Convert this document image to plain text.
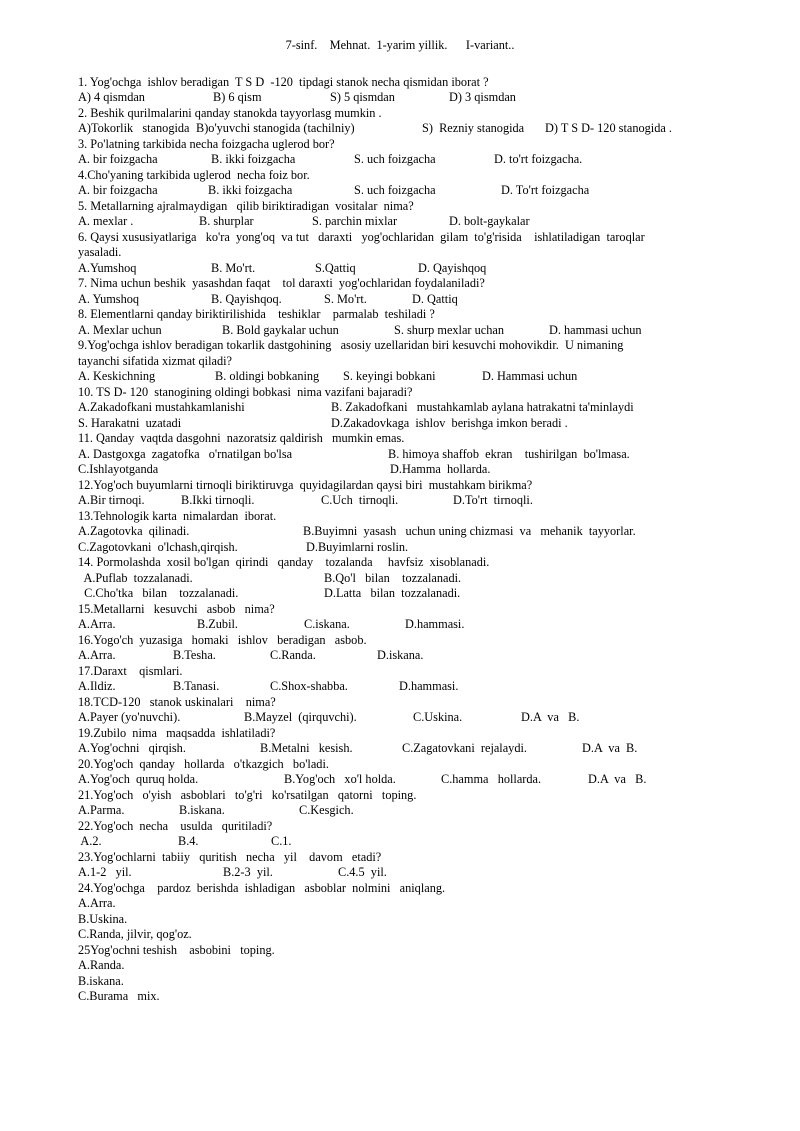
7-sinf.    Mehnat.  1-yarim yillik.      I-variant..
1. Yog'ochga  ishlov beradigan  T S D  -120  tipdagi stanok necha qismidan iborat ?
A) 4 qismdan	B) 6 qism	S) 5 qismdan	D) 3 qismdan
2. Beshik qurilmalarini qanday stanokda tayyorlasg mumkin .
A)Tokorlik   stanogida B)o'yuvchi stanogida (tachilniy)	S)  Rezniy stanogida D) T S D- 120 stanogida .
3. Po'latning tarkibida necha foizgacha uglerod bor?
A. bir foizgacha	B. ikki foizgacha	S. uch foizgacha	D. to'rt foizgacha.
4.Cho'yaning tarkibida uglerod  necha foiz bor.
A. bir foizgacha	B. ikki foizgacha	S. uch foizgacha	D. To'rt foizgacha
5. Metallarning ajralmaydigan   qilib biriktiradigan  vositalar  nima?
A. mexlar .	B. shurplar	S. parchin mixlar	D. bolt-gaykalar
6. Qaysi xususiyatlariga   ko'ra  yong'oq  va tut   daraxti   yog'ochlaridan  gilam  to'g'risida    ishlatiladigan  taroqlar
yasaladi.
A.Yumshoq	B. Mo'rt.	S.Qattiq	D. Qayishqoq
7. Nima uchun beshik  yasashdan faqat    tol daraxti  yog'ochlaridan foydalaniladi?
A. Yumshoq	B. Qayishqoq.	S. Mo'rt.	D. Qattiq
8. Elementlarni qanday biriktirilishida    teshiklar    parmalab  teshiladi ?
A. Mexlar uchun	B. Bold gaykalar uchun	S. shurp mexlar uchan	D. hammasi uchun
9.Yog'ochga ishlov beradigan tokarlik dastgohining   asosiy uzellaridan biri kesuvchi mohovikdir.  U nimaning
tayanchi sifatida xizmat qiladi?
A. Keskichning	B. oldingi bobkaning S. keyingi bobkani	D. Hammasi uchun
10. TS D- 120  stanogining oldingi bobkasi  nima vazifani bajaradi?
A.Zakadofkani mustahkamlanishi	B. Zakadofkani   mustahkamlab aylana hatrakatni ta'minlaydi
S. Harakatni  uzatadi	D.Zakadovkaga  ishlov  berishga imkon beradi .
11. Qanday  vaqtda dasgohni  nazoratsiz qaldirish   mumkin emas.
A. Dastgoxga  zagatofka   o'rnatilgan bo'lsa	B. himoya shaffob  ekran    tushirilgan  bo'lmasa.
C.Ishlayotganda	D.Hamma  hollarda.
12.Yog'och buyumlarni tirnoqli biriktiruvga  quyidagilardan qaysi biri  mustahkam birikma?
A.Bir tirnoqi.	B.Ikki tirnoqli.	C.Uch  tirnoqli.	D.To'rt  tirnoqli.
13.Tehnologik karta  nimalardan  iborat.
A.Zagotovka  qilinadi.	B.Buyimni  yasash   uchun uning chizmasi  va   mehanik  tayyorlar.
C.Zagotovkani  o'lchash,qirqish.	D.Buyimlarni roslin.
14. Pormolashda  xosil bo'lgan  qirindi   qanday    tozalanda     havfsiz  xisoblanadi.
A.Puflab  tozzalanadi.	B.Qo'l   bilan    tozzalanadi.
C.Cho'tka   bilan    tozzalanadi.	D.Latta   bilan  tozzalanadi.
15.Metallarni   kesuvchi   asbob   nima?
A.Arra.	B.Zubil.	C.iskana.	D.hammasi.
16.Yogo'ch  yuzasiga   homaki   ishlov   beradigan   asbob.
A.Arra.	B.Tesha.	C.Randa.	D.iskana.
17.Daraxt    qismlari.
A.Ildiz.	B.Tanasi.	C.Shox-shabba.	D.hammasi.
18.TCD-120   stanok uskinalari    nima?
A.Payer (yo'nuvchi).	B.Mayzel  (qirquvchi).	C.Uskina.	D.A  va   B.
19.Zubilo  nima   maqsadda  ishlatiladi?
A.Yog'ochni   qirqish.	B.Metalni   kesish.	C.Zagatovkani  rejalaydi.	D.A  va  B.
20.Yog'och  qanday   hollarda   o'tkazgich   bo'ladi.
A.Yog'och  quruq holda.	B.Yog'och   xo'l holda.	C.hamma   hollarda.	D.A  va   B.
21.Yog'och   o'yish   asboblari   to'g'ri   ko'rsatilgan   qatorni   toping.
A.Parma.	B.iskana.	C.Kesgich.
22.Yog'och  necha    usulda   quritiladi?
A.2.	B.4.	C.1.
23.Yog'ochlarni  tabiiy   quritish   necha   yil    davom   etadi?
A.1-2   yil.	B.2-3  yil.	C.4.5  yil.
24.Yog'ochga    pardoz  berishda  ishladigan   asboblar  nolmini   aniqlang.
A.Arra.
B.Uskina.
C.Randa, jilvir, qog'oz.
25Yog'ochni teshish    asbobini   toping.
A.Randa.
B.iskana.
C.Burama   mix.
